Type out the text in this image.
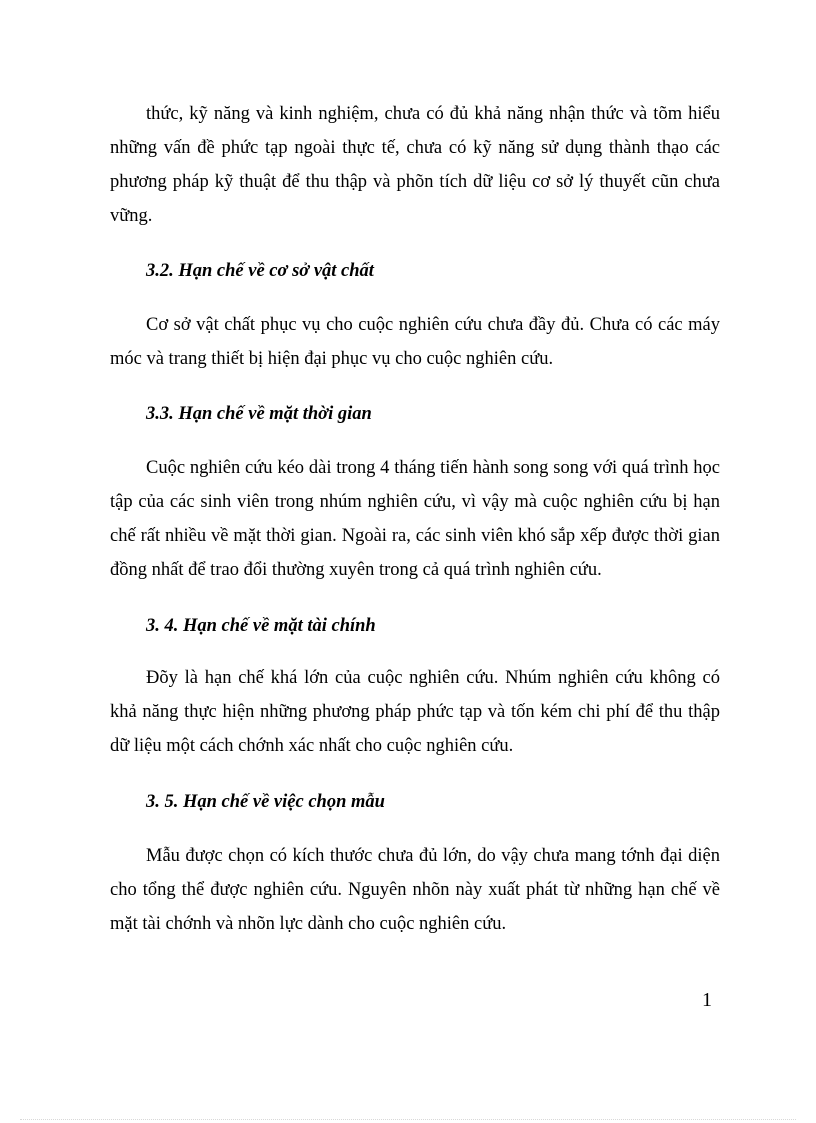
thức, kỹ năng và kinh nghiệm, chưa có đủ khả năng nhận thức và tõm hiểu những vấn đề phức tạp ngoài thực tế, chưa có kỹ năng sử dụng thành thạo các phương pháp kỹ thuật để thu thập và phõn tích dữ liệu cơ sở lý thuyết cũn chưa vững.

3.2. Hạn chế về cơ sở vật chất

Cơ sở vật chất phục vụ cho cuộc nghiên cứu chưa đầy đủ. Chưa có các máy móc và trang thiết bị hiện đại phục vụ cho cuộc nghiên cứu.

3.3. Hạn chế về mặt thời gian

Cuộc nghiên cứu kéo dài trong 4 tháng tiến hành song song với quá trình học tập của các sinh viên trong nhúm nghiên cứu, vì vậy mà cuộc nghiên cứu bị hạn chế rất nhiều về mặt thời gian. Ngoài ra, các sinh viên khó sắp xếp được thời gian đồng nhất để trao đổi thường xuyên trong cả quá trình nghiên cứu.

3. 4. Hạn chế về mặt tài chính

Đõy là hạn chế khá lớn của cuộc nghiên cứu. Nhúm nghiên cứu không có khả năng thực hiện những phương pháp phức tạp và tốn kém chi phí để thu thập dữ liệu một cách chớnh xác nhất cho cuộc nghiên cứu.

3. 5. Hạn chế về việc chọn mẫu

Mẫu được chọn có kích thước chưa đủ lớn, do vậy chưa mang tớnh đại diện cho tổng thể được nghiên cứu. Nguyên nhõn này xuất phát từ những hạn chế về mặt tài chớnh và nhõn lực dành cho cuộc nghiên cứu.

1
